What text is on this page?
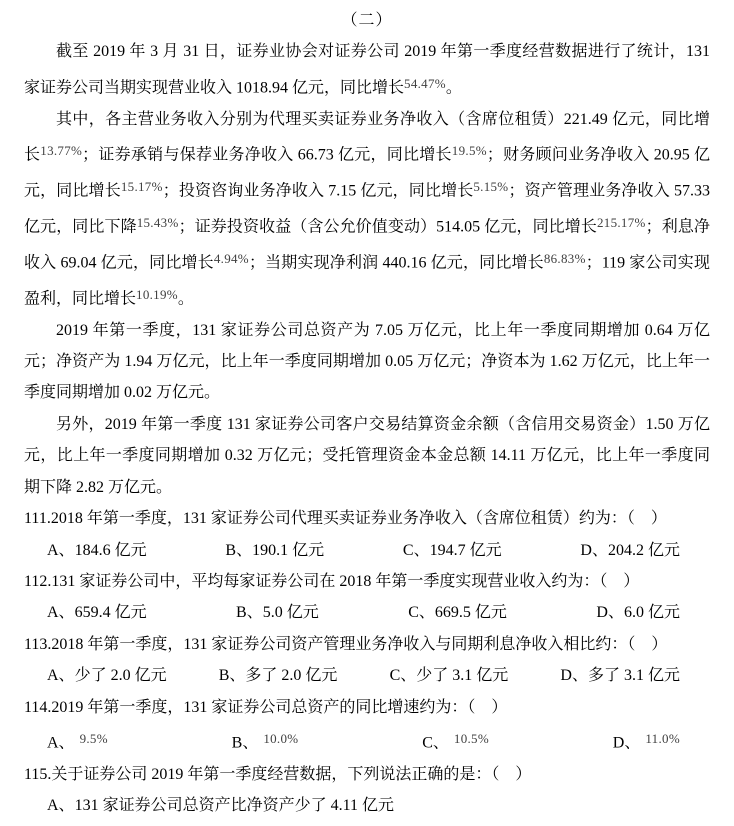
（二）

截至 2019 年 3 月 31 日，证券业协会对证券公司 2019 年第一季度经营数据进行了统计，131 家证券公司当期实现营业收入 1018.94 亿元，同比增长$^{54.47\%}$。

其中，各主营业务收入分别为代理买卖证券业务净收入（含席位租赁）221.49 亿元，同比增长$^{13.77\%}$；证券承销与保荐业务净收入 66.73 亿元，同比增长$^{19.5\%}$；财务顾问业务净收入 20.95 亿元，同比增长$^{15.17\%}$；投资咨询业务净收入 7.15 亿元，同比增长$^{5.15\%}$；资产管理业务净收入 57.33 亿元，同比下降$^{15.43\%}$；证券投资收益（含公允价值变动）514.05 亿元，同比增长$^{215.17\%}$；利息净收入 69.04 亿元，同比增长$^{4.94\%}$；当期实现净利润 440.16 亿元，同比增长$^{86.83\%}$；119 家公司实现盈利，同比增长$^{10.19\%}$。

2019 年第一季度，131 家证券公司总资产为 7.05 万亿元，比上年一季度同期增加 0.64 万亿元；净资产为 1.94 万亿元，比上年一季度同期增加 0.05 万亿元；净资本为 1.62 万亿元，比上年一季度同期增加 0.02 万亿元。

另外，2019 年第一季度 131 家证券公司客户交易结算资金余额（含信用交易资金）1.50 万亿元，比上年一季度同期增加 0.32 万亿元；受托管理资金本金总额 14.11 万亿元，比上年一季度同期下降 2.82 万亿元。

111.2018 年第一季度，131 家证券公司代理买卖证券业务净收入（含席位租赁）约为：（　）

A、184.6 亿元	B、190.1 亿元	C、194.7 亿元	D、204.2 亿元

112.131 家证券公司中，平均每家证券公司在 2018 年第一季度实现营业收入约为：（　）

A、659.4 亿元	B、5.0 亿元	C、669.5 亿元	D、6.0 亿元

113.2018 年第一季度，131 家证券公司资产管理业务净收入与同期利息净收入相比约：（　）

A、少了 2.0 亿元	B、多了 2.0 亿元	C、少了 3.1 亿元	D、多了 3.1 亿元

114.2019 年第一季度，131 家证券公司总资产的同比增速约为：（　）

A、 $^{9.5\%}$	B、 $^{10.0\%}$	C、 $^{10.5\%}$	D、 $^{11.0\%}$

115.关于证券公司 2019 年第一季度经营数据，下列说法正确的是：（　）

A、131 家证券公司总资产比净资产少了 4.11 亿元
